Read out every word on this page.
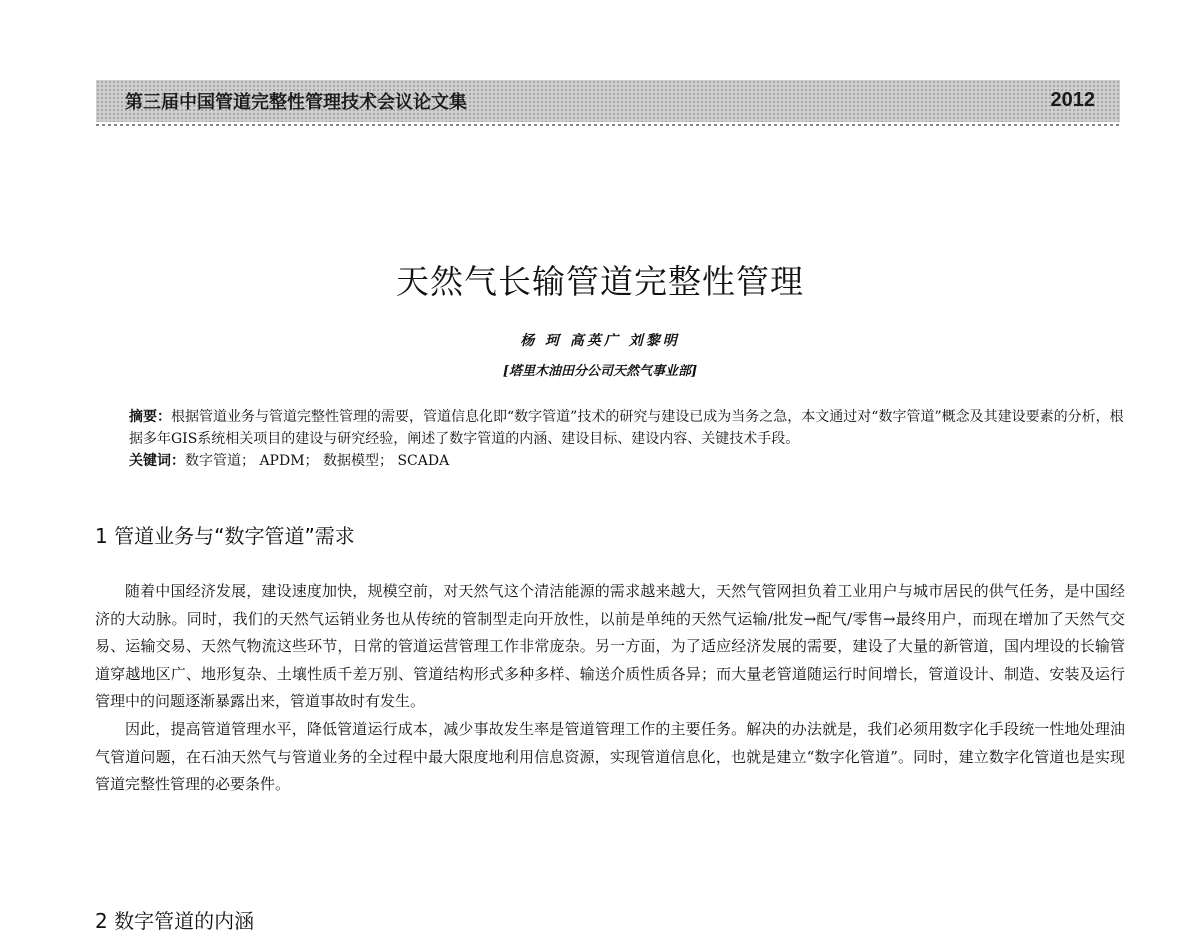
第三届中国管道完整性管理技术会议论文集	2012
天然气长输管道完整性管理
杨 珂 高英广 刘黎明
[塔里木油田分公司天然气事业部]
摘要：根据管道业务与管道完整性管理的需要，管道信息化即“数字管道”技术的研究与建设已成为当务之急，本文通过对“数字管道”概念及其建设要素的分析，根据多年GIS系统相关项目的建设与研究经验，阐述了数字管道的内涵、建设目标、建设内容、关键技术手段。
关键词：数字管道； APDM； 数据模型； SCADA
1 管道业务与“数字管道”需求

随着中国经济发展，建设速度加快，规模空前，对天然气这个清洁能源的需求越来越大，天然气管网担负着工业用户与城市居民的供气任务，是中国经济的大动脉。同时，我们的天然气运销业务也从传统的管制型走向开放性，以前是单纯的天然气运输/批发→配气/零售→最终用户，而现在增加了天然气交易、运输交易、天然气物流这些环节，日常的管道运营管理工作非常庞杂。另一方面，为了适应经济发展的需要，建设了大量的新管道，国内埋设的长输管道穿越地区广、地形复杂、土壤性质千差万别、管道结构形式多种多样、输送介质性质各异；而大量老管道随运行时间增长，管道设计、制造、安装及运行管理中的问题逐渐暴露出来，管道事故时有发生。

因此，提高管道管理水平，降低管道运行成本，减少事故发生率是管道管理工作的主要任务。解决的办法就是，我们必须用数字化手段统一性地处理油气管道问题，在石油天然气与管道业务的全过程中最大限度地利用信息资源，实现管道信息化，也就是建立“数字化管道”。同时，建立数字化管道也是实现管道完整性管理的必要条件。

2 数字管道的内涵
